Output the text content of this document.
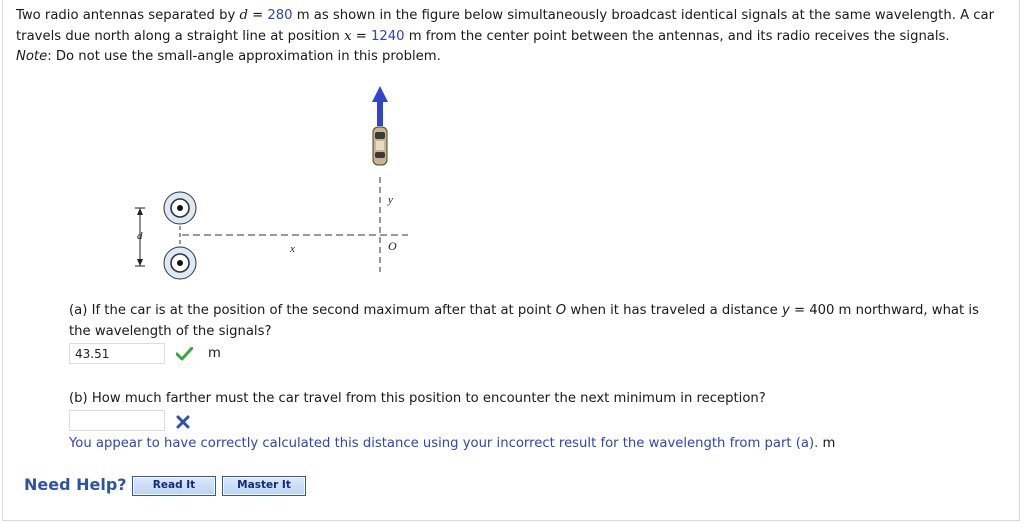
Two radio antennas separated by d = 280 m as shown in the figure below simultaneously broadcast identical signals at the same wavelength. A car travels due north along a straight line at position x = 1240 m from the center point between the antennas, and its radio receives the signals.
Note: Do not use the small-angle approximation in this problem.
d
x
y
O
(a) If the car is at the position of the second maximum after that at point O when it has traveled a distance y = 400 m northward, what is the wavelength of the signals?
43.51	m
(b) How much farther must the car travel from this position to encounter the next minimum in reception?
You appear to have correctly calculated this distance using your incorrect result for the wavelength from part (a). m
Need Help?	Read It	Master It
